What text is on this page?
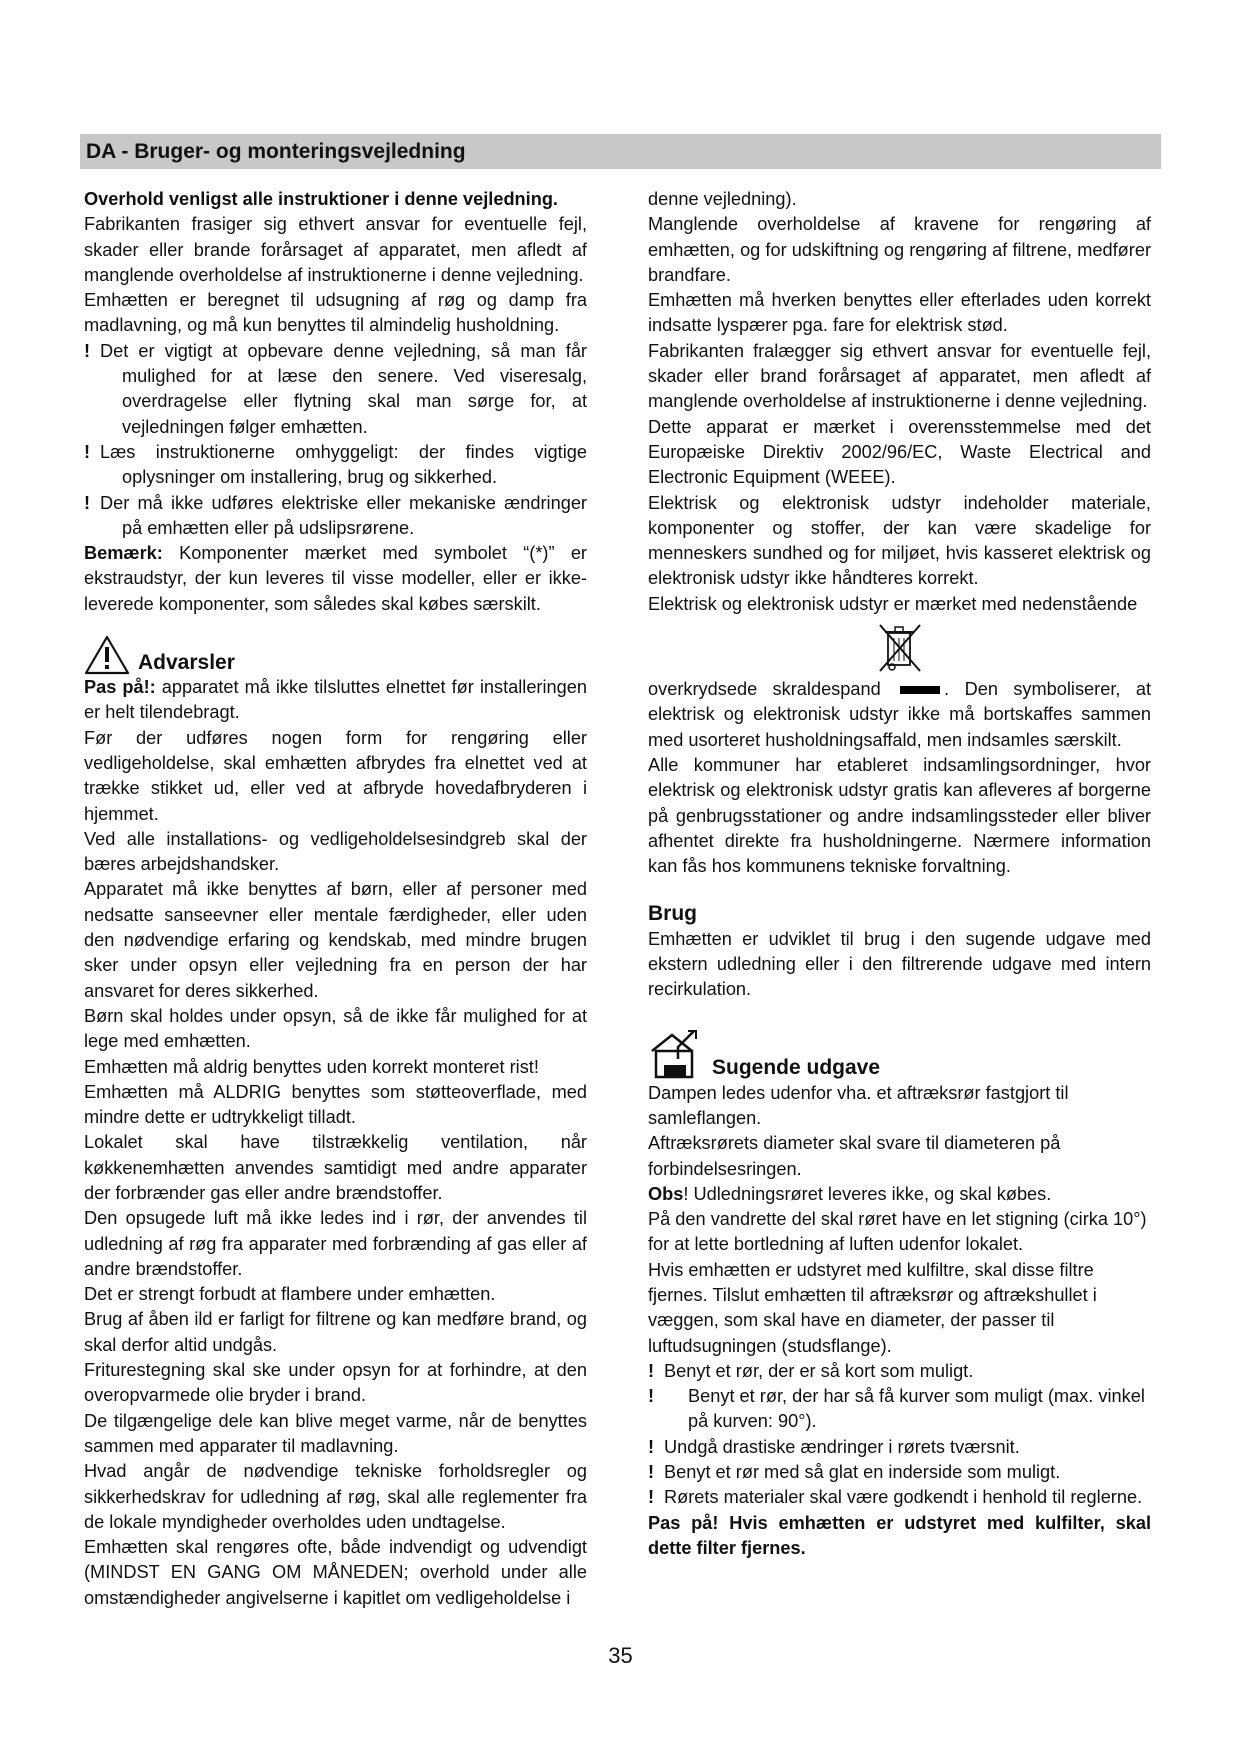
DA - Bruger- og monteringsvejledning

Overhold venligst alle instruktioner i denne vejledning.

Fabrikanten frasiger sig ethvert ansvar for eventuelle fejl, skader eller brande forårsaget af apparatet, men afledt af manglende overholdelse af instruktionerne i denne vejledning.

Emhætten er beregnet til udsugning af røg og damp fra madlavning, og må kun benyttes til almindelig husholdning.

! Det er vigtigt at opbevare denne vejledning, så man får mulighed for at læse den senere. Ved viseresalg, overdragelse eller flytning skal man sørge for, at vejledningen følger emhætten.

! Læs instruktionerne omhyggeligt: der findes vigtige oplysninger om installering, brug og sikkerhed.

! Der må ikke udføres elektriske eller mekaniske ændringer på emhætten eller på udslipsrørene.

Bemærk: Komponenter mærket med symbolet “(*)” er ekstraudstyr, der kun leveres til visse modeller, eller er ikke-leverede komponenter, som således skal købes særskilt.

Advarsler

Pas på!: apparatet må ikke tilsluttes elnettet før installeringen er helt tilendebragt.

Før der udføres nogen form for rengøring eller vedligeholdelse, skal emhætten afbrydes fra elnettet ved at trække stikket ud, eller ved at afbryde hovedafbryderen i hjemmet.

Ved alle installations- og vedligeholdelsesindgreb skal der bæres arbejdshandsker.

Apparatet må ikke benyttes af børn, eller af personer med nedsatte sanseevner eller mentale færdigheder, eller uden den nødvendige erfaring og kendskab, med mindre brugen sker under opsyn eller vejledning fra en person der har ansvaret for deres sikkerhed.

Børn skal holdes under opsyn, så de ikke får mulighed for at lege med emhætten.

Emhætten må aldrig benyttes uden korrekt monteret rist!

Emhætten må ALDRIG benyttes som støtteoverflade, med mindre dette er udtrykkeligt tilladt.

Lokalet skal have tilstrækkelig ventilation, når køkkenemhætten anvendes samtidigt med andre apparater der forbrænder gas eller andre brændstoffer.

Den opsugede luft må ikke ledes ind i rør, der anvendes til udledning af røg fra apparater med forbrænding af gas eller af andre brændstoffer.

Det er strengt forbudt at flambere under emhætten.

Brug af åben ild er farligt for filtrene og kan medføre brand, og skal derfor altid undgås.

Friturestegning skal ske under opsyn for at forhindre, at den overopvarmede olie bryder i brand.

De tilgængelige dele kan blive meget varme, når de benyttes sammen med apparater til madlavning.

Hvad angår de nødvendige tekniske forholdsregler og sikkerhedskrav for udledning af røg, skal alle reglementer fra de lokale myndigheder overholdes uden undtagelse.

Emhætten skal rengøres ofte, både indvendigt og udvendigt (MINDST EN GANG OM MÅNEDEN; overhold under alle omstændigheder angivelserne i kapitlet om vedligeholdelse i

denne vejledning).

Manglende overholdelse af kravene for rengøring af emhætten, og for udskiftning og rengøring af filtrene, medfører brandfare.

Emhætten må hverken benyttes eller efterlades uden korrekt indsatte lyspærer pga. fare for elektrisk stød.

Fabrikanten fralægger sig ethvert ansvar for eventuelle fejl, skader eller brand forårsaget af apparatet, men afledt af manglende overholdelse af instruktionerne i denne vejledning.

Dette apparat er mærket i overensstemmelse med det Europæiske Direktiv 2002/96/EC, Waste Electrical and Electronic Equipment (WEEE).

Elektrisk og elektronisk udstyr indeholder materiale, komponenter og stoffer, der kan være skadelige for menneskers sundhed og for miljøet, hvis kasseret elektrisk og elektronisk udstyr ikke håndteres korrekt.

Elektrisk og elektronisk udstyr er mærket med nedenstående

overkrydsede skraldespand	. Den symboliserer, at elektrisk og elektronisk udstyr ikke må bortskaffes sammen med usorteret husholdningsaffald, men indsamles særskilt.

Alle kommuner har etableret indsamlingsordninger, hvor elektrisk og elektronisk udstyr gratis kan afleveres af borgerne på genbrugsstationer og andre indsamlingssteder eller bliver afhentet direkte fra husholdningerne. Nærmere information kan fås hos kommunens tekniske forvaltning.

Brug

Emhætten er udviklet til brug i den sugende udgave med ekstern udledning eller i den filtrerende udgave med intern recirkulation.

Sugende udgave

Dampen ledes udenfor vha. et aftræksrør fastgjort til samleflangen.

Aftræksrørets diameter skal svare til diameteren på forbindelsesringen.

Obs! Udledningsrøret leveres ikke, og skal købes.

På den vandrette del skal røret have en let stigning (cirka 10°) for at lette bortledning af luften udenfor lokalet.

Hvis emhætten er udstyret med kulfiltre, skal disse filtre fjernes. Tilslut emhætten til aftræksrør og aftrækshullet i væggen, som skal have en diameter, der passer til luftudsugningen (studsflange).

! Benyt et rør, der er så kort som muligt.

! Benyt et rør, der har så få kurver som muligt (max. vinkel på kurven: 90°).

! Undgå drastiske ændringer i rørets tværsnit.

! Benyt et rør med så glat en inderside som muligt.

! Rørets materialer skal være godkendt i henhold til reglerne.

Pas på! Hvis emhætten er udstyret med kulfilter, skal dette filter fjernes.

35
